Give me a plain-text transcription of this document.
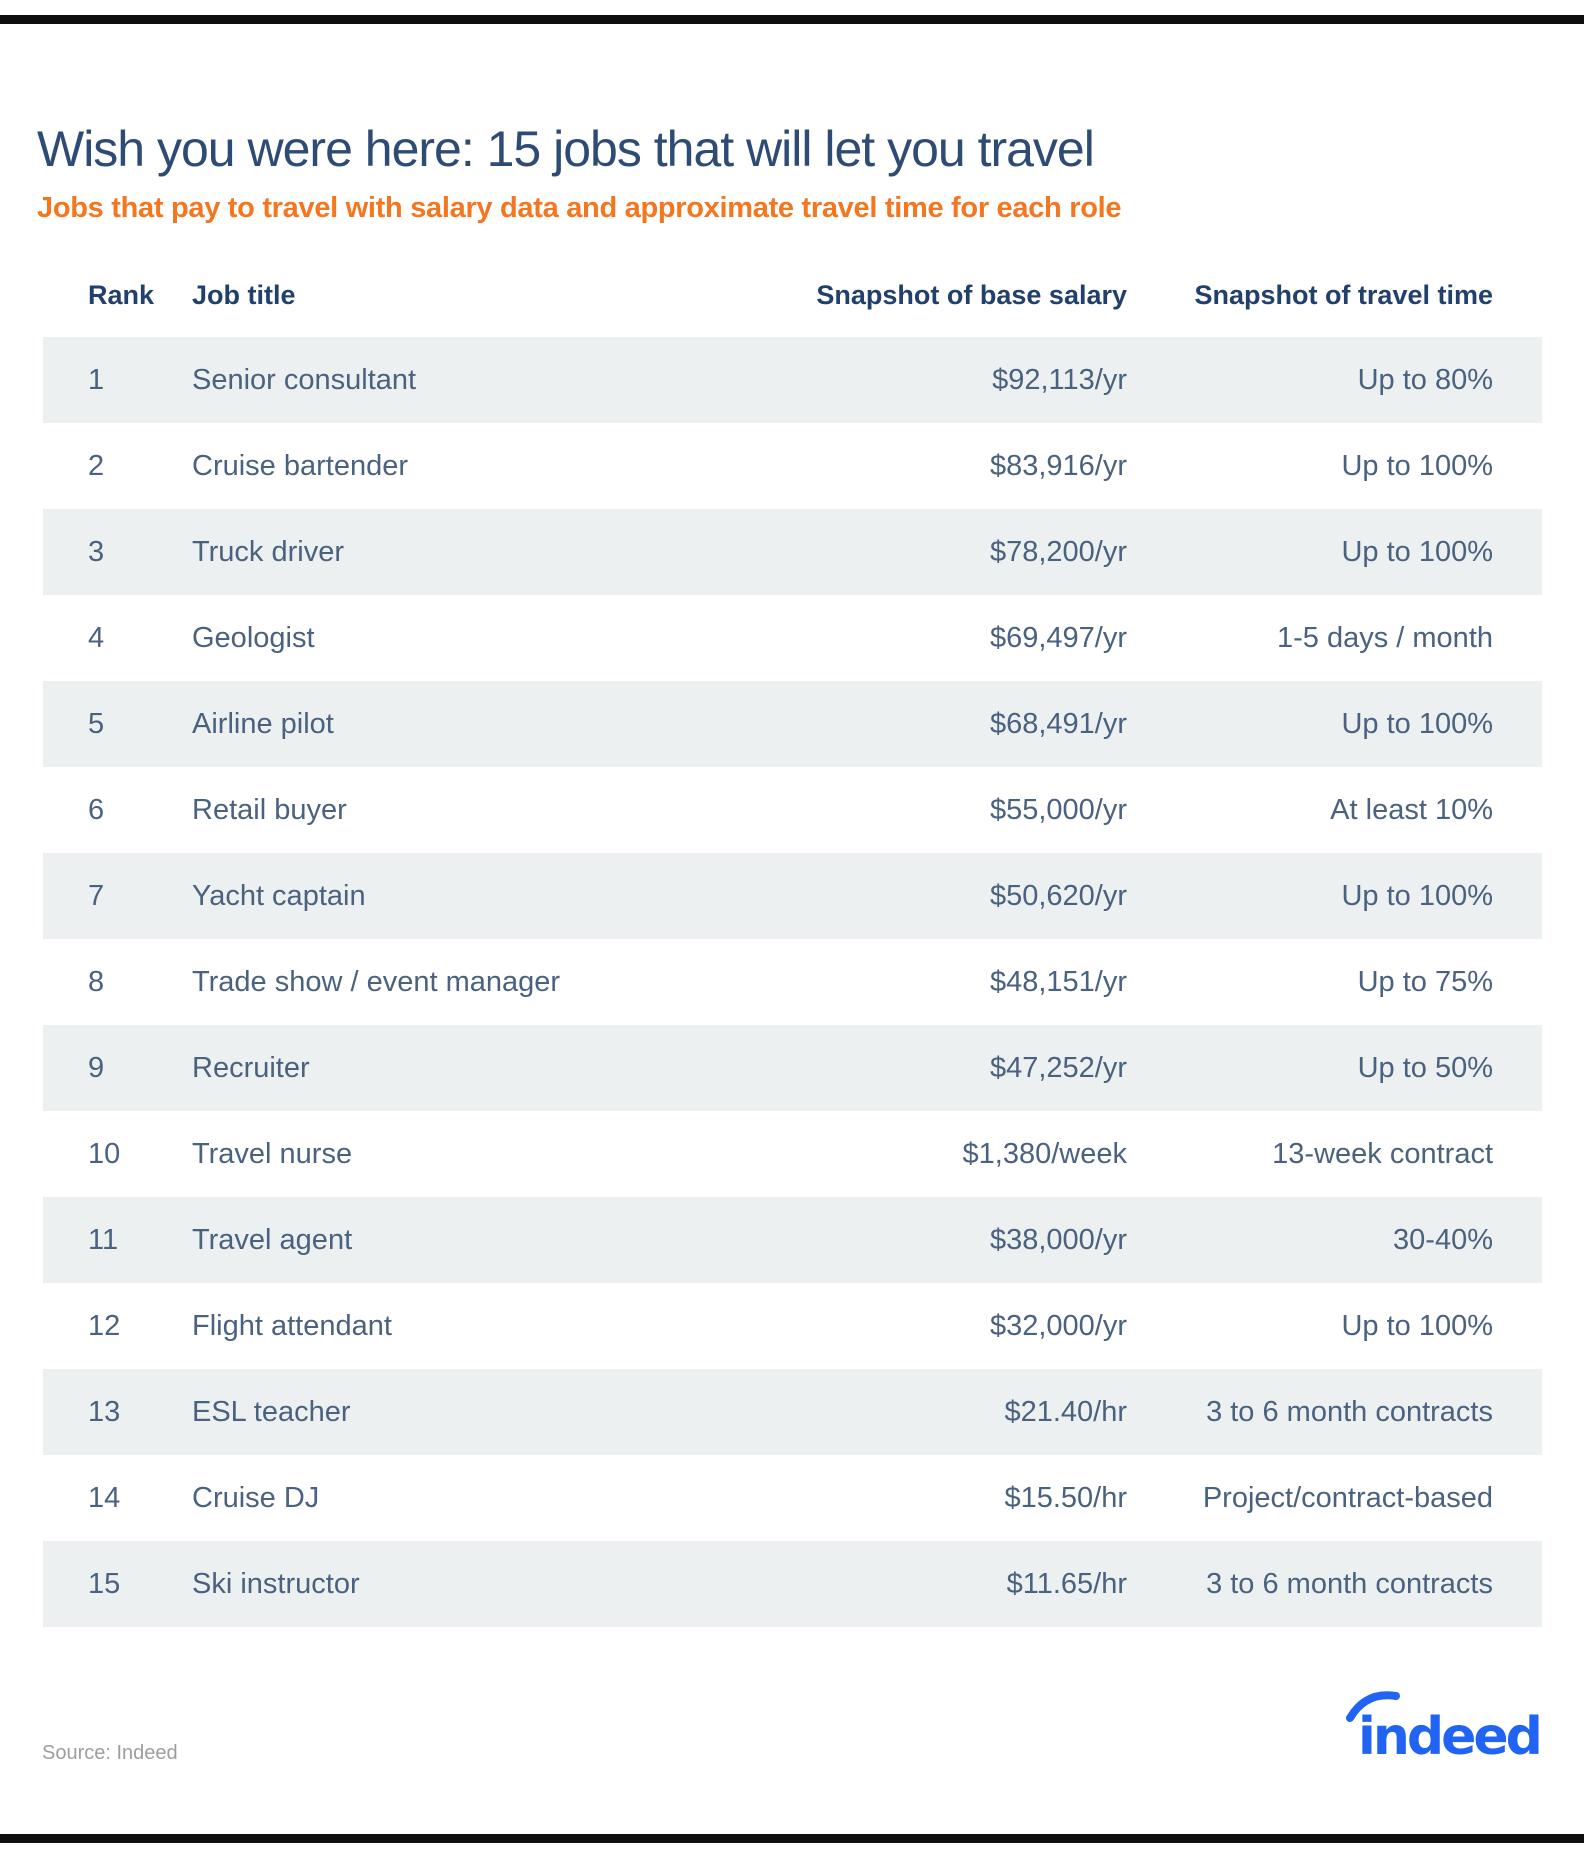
Wish you were here: 15 jobs that will let you travel
Jobs that pay to travel with salary data and approximate travel time for each role
Rank	Job title	Snapshot of base salary	Snapshot of travel time
1	Senior consultant	$92,113/yr	Up to 80%
2	Cruise bartender	$83,916/yr	Up to 100%
3	Truck driver	$78,200/yr	Up to 100%
4	Geologist	$69,497/yr	1-5 days / month
5	Airline pilot	$68,491/yr	Up to 100%
6	Retail buyer	$55,000/yr	At least 10%
7	Yacht captain	$50,620/yr	Up to 100%
8	Trade show / event manager	$48,151/yr	Up to 75%
9	Recruiter	$47,252/yr	Up to 50%
10	Travel nurse	$1,380/week	13-week contract
11	Travel agent	$38,000/yr	30-40%
12	Flight attendant	$32,000/yr	Up to 100%
13	ESL teacher	$21.40/hr	3 to 6 month contracts
14	Cruise DJ	$15.50/hr	Project/contract-based
15	Ski instructor	$11.65/hr	3 to 6 month contracts
Source: Indeed	indeed
